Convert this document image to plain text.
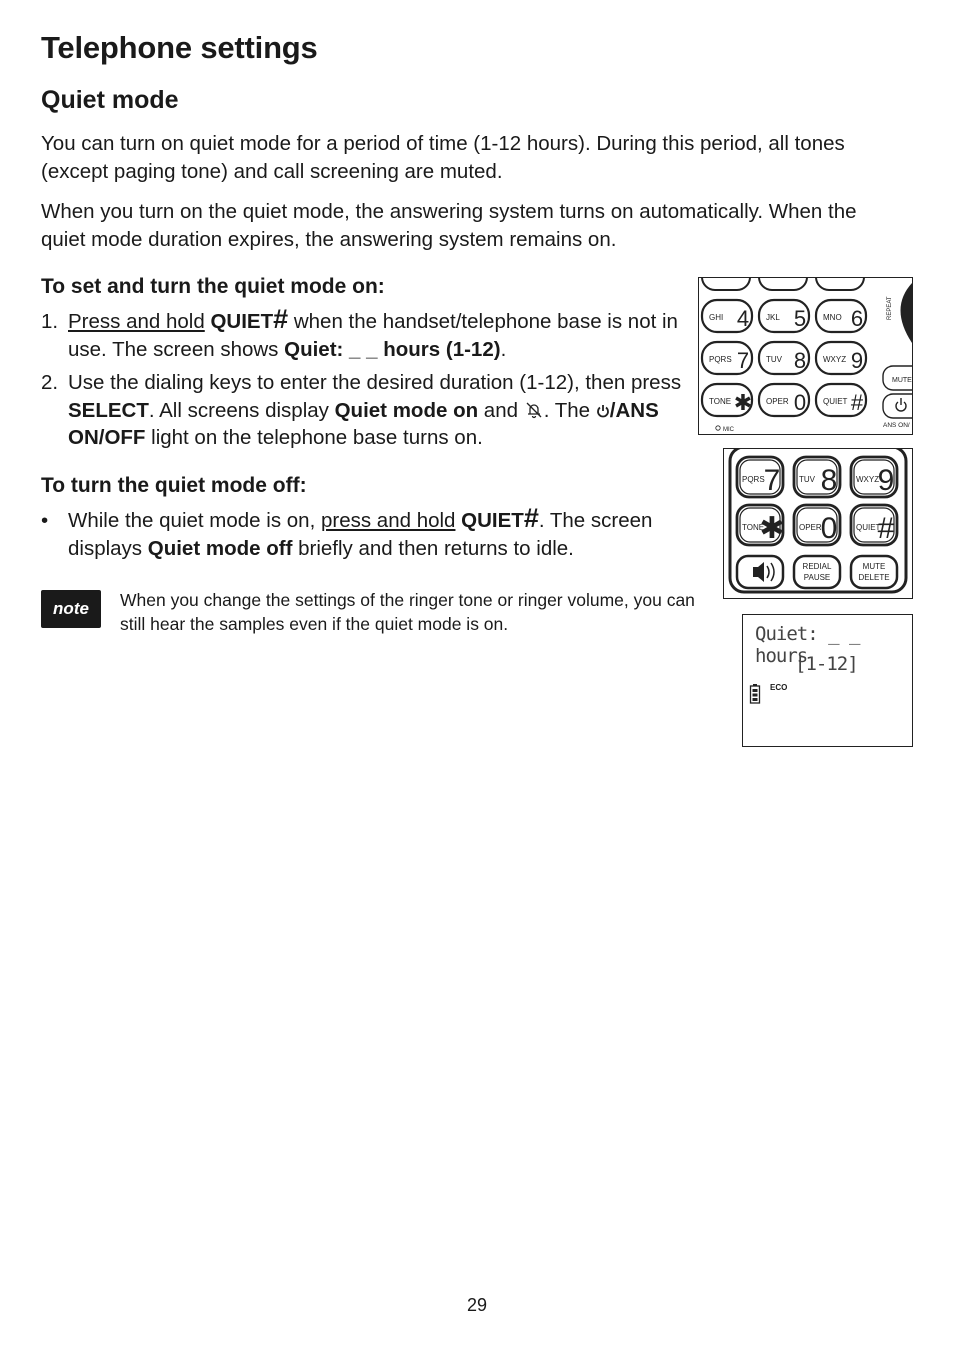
Telephone settings
Quiet mode

You can turn on quiet mode for a period of time (1-12 hours). During this period, all tones (except paging tone) and call screening are muted.

When you turn on the quiet mode, the answering system turns on automatically. When the quiet mode duration expires, the answering system remains on.

To set and turn the quiet mode on:
1. Press and hold QUIET# when the handset/telephone base is not in use. The screen shows Quiet: _ _ hours (1-12).
2. Use the dialing keys to enter the desired duration (1-12), then press SELECT. All screens display Quiet mode on and . The /ANS ON/OFF light on the telephone base turns on.
To turn the quiet mode off:
• While the quiet mode is on, press and hold QUIET#. The screen displays Quiet mode off briefly and then returns to idle.
note	When you change the settings of the ringer tone or ringer volume, you can still hear the samples even if the quiet mode is on.
GHI 4 JKL 5 MNO 6
PQRS 7 TUV 8 WXYZ 9
TONE ✱ OPER 0 QUIET #
REPEAT
MUTE
ANS ON/
MIC
PQRS
7 TUV 8 WXYZ
9
TONE
✱ OPER
0 QUIET
#
REDIAL
PAUSE
MUTE
DELETE
Quiet: _ _ hours
[1-12]
ECO
29
